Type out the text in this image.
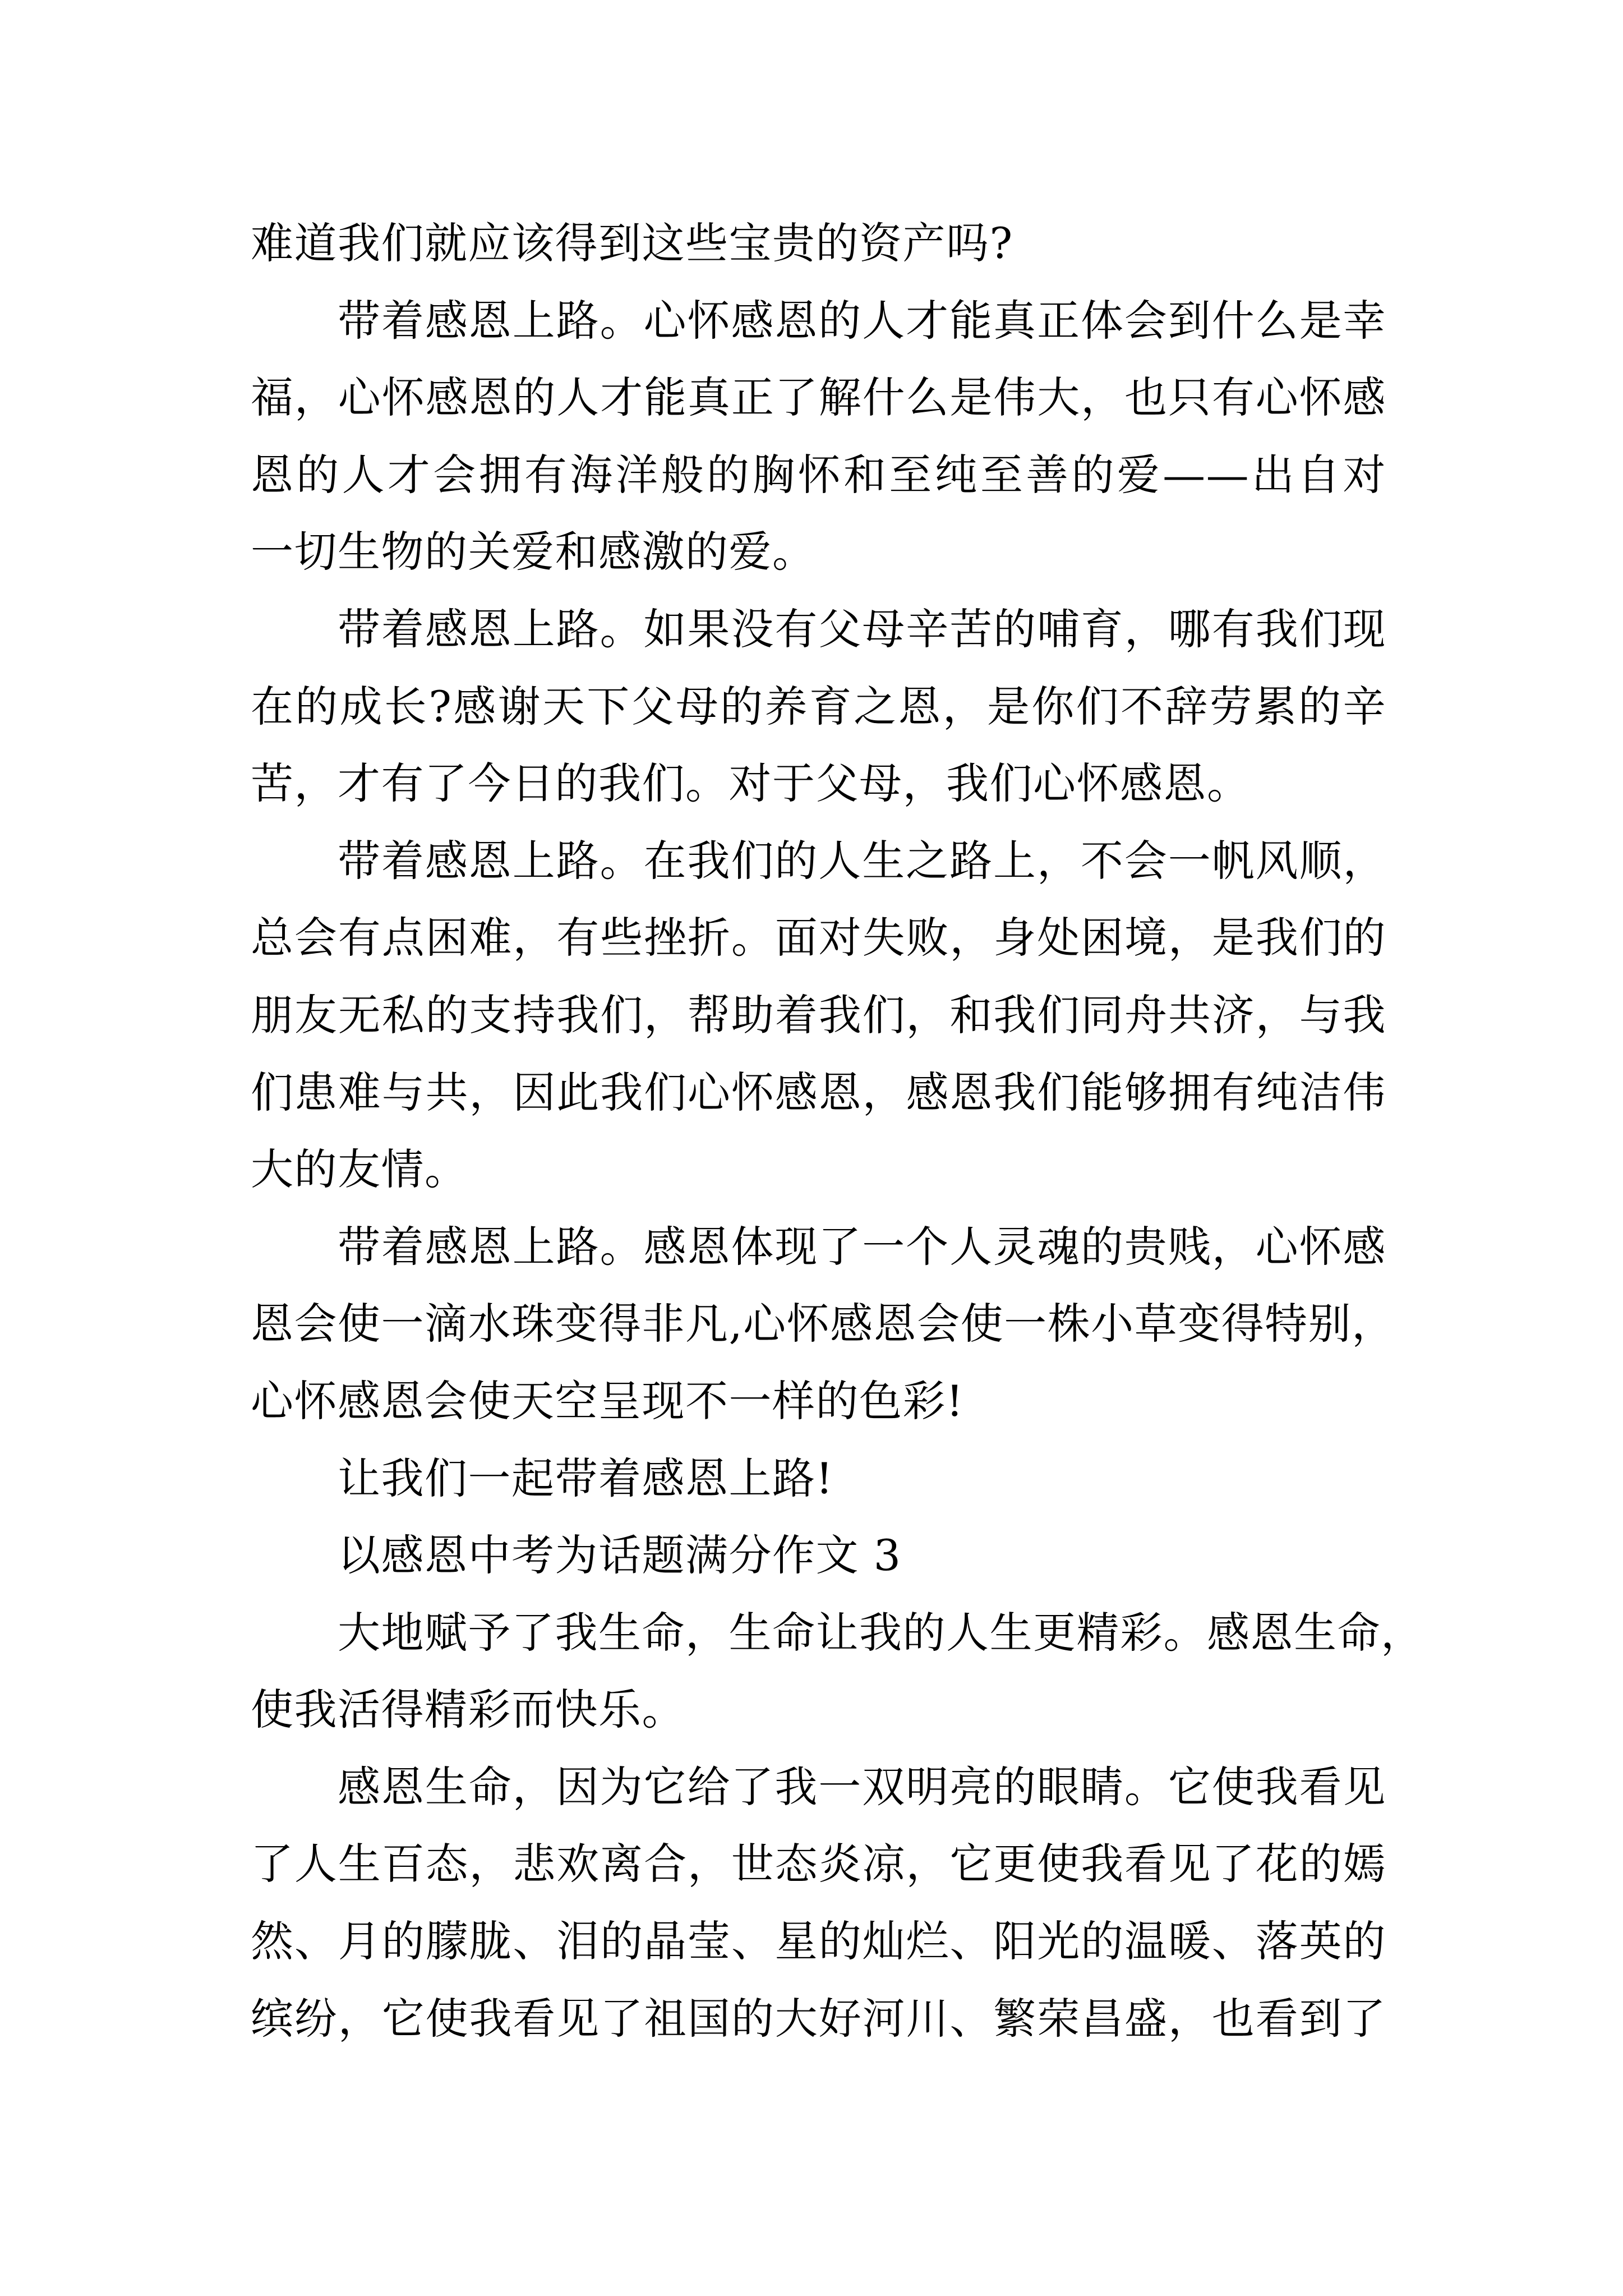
难道我们就应该得到这些宝贵的资产吗?
带着感恩上路。心怀感恩的人才能真正体会到什么是幸
福，心怀感恩的人才能真正了解什么是伟大，也只有心怀感
恩的人才会拥有海洋般的胸怀和至纯至善的爱——出自对
一切生物的关爱和感激的爱。
带着感恩上路。如果没有父母辛苦的哺育，哪有我们现
在的成长?感谢天下父母的养育之恩，是你们不辞劳累的辛
苦，才有了今日的我们。对于父母，我们心怀感恩。
带着感恩上路。在我们的人生之路上，不会一帆风顺，
总会有点困难，有些挫折。面对失败，身处困境，是我们的
朋友无私的支持我们，帮助着我们，和我们同舟共济，与我
们患难与共，因此我们心怀感恩，感恩我们能够拥有纯洁伟
大的友情。
带着感恩上路。感恩体现了一个人灵魂的贵贱，心怀感
恩会使一滴水珠变得非凡,心怀感恩会使一株小草变得特别，
心怀感恩会使天空呈现不一样的色彩!
让我们一起带着感恩上路!
以感恩中考为话题满分作文 3
大地赋予了我生命，生命让我的人生更精彩。感恩生命，
使我活得精彩而快乐。
感恩生命，因为它给了我一双明亮的眼睛。它使我看见
了人生百态，悲欢离合，世态炎凉，它更使我看见了花的嫣
然、月的朦胧、泪的晶莹、星的灿烂、阳光的温暖、落英的
缤纷，它使我看见了祖国的大好河川、繁荣昌盛，也看到了
